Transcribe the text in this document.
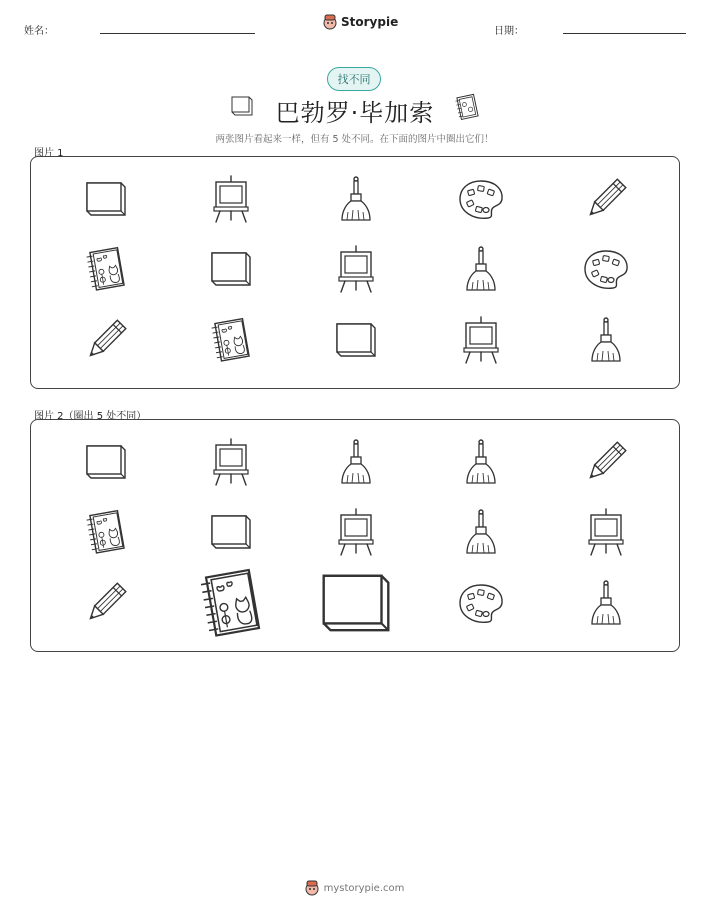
姓名：
Storypie
日期：
找不同
巴勃罗·毕加索
两张图片看起来一样，但有 5 处不同。在下面的图片中圈出它们！
图片 1
图片 2（圈出 5 处不同）
mystorypie.com
